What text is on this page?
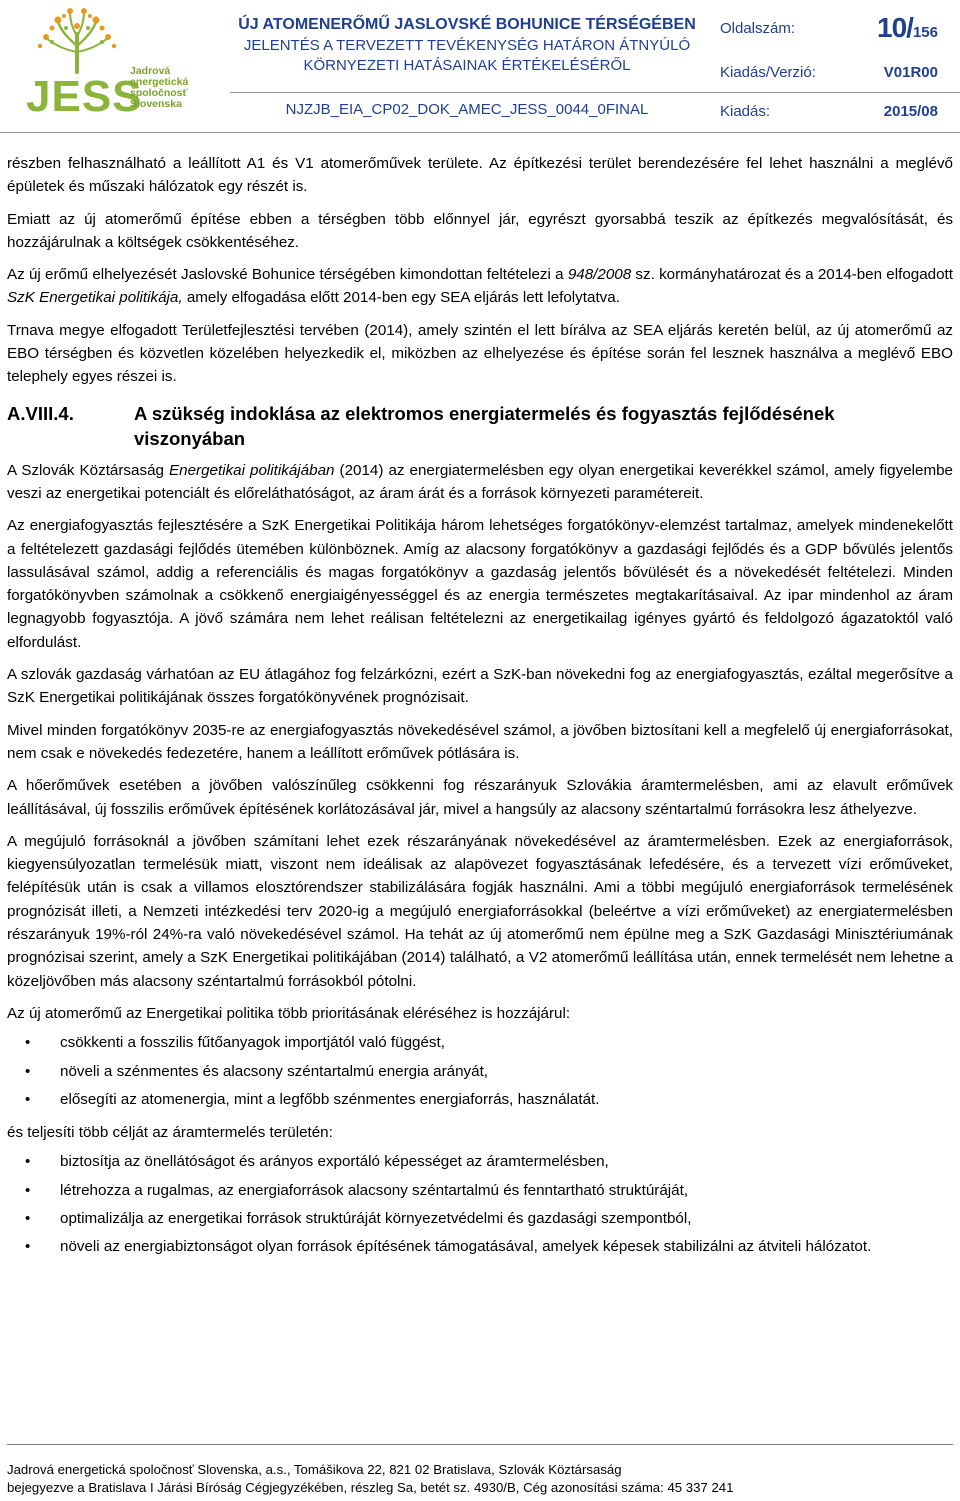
JESS
Jadrová
energetická
spoločnosť
Slovenska
ÚJ ATOMENERŐMŰ JASLOVSKÉ BOHUNICE TÉRSÉGÉBEN
JELENTÉS A TERVEZETT TEVÉKENYSÉG HATÁRON ÁTNYÚLÓ
KÖRNYEZETI HATÁSAINAK ÉRTÉKELÉSÉRŐL
NJZJB_EIA_CP02_DOK_AMEC_JESS_0044_0FINAL
Oldalszám:	10/156
Kiadás/Verzió:	V01R00
Kiadás:	2015/08

részben felhasználható a leállított A1 és V1 atomerőművek területe. Az építkezési terület berendezésére fel lehet használni a meglévő épületek és műszaki hálózatok egy részét is.

Emiatt az új atomerőmű építése ebben a térségben több előnnyel jár, egyrészt gyorsabbá teszik az építkezés megvalósítását, és hozzájárulnak a költségek csökkentéséhez.

Az új erőmű elhelyezését Jaslovské Bohunice térségében kimondottan feltételezi a 948/2008 sz. kormányhatározat és a 2014-ben elfogadott SzK Energetikai politikája, amely elfogadása előtt 2014-ben egy SEA eljárás lett lefolytatva.

Trnava megye elfogadott Területfejlesztési tervében (2014), amely szintén el lett bírálva az SEA eljárás keretén belül, az új atomerőmű az EBO térségben és közvetlen közelében helyezkedik el, miközben az elhelyezése és építése során fel lesznek használva a meglévő EBO telephely egyes részei is.

A.VIII.4.	A szükség indoklása az elektromos energiatermelés és fogyasztás fejlődésének viszonyában

A Szlovák Köztársaság Energetikai politikájában (2014) az energiatermelésben egy olyan energetikai keverékkel számol, amely figyelembe veszi az energetikai potenciált és előreláthatóságot, az áram árát és a források környezeti paramétereit.

Az energiafogyasztás fejlesztésére a SzK Energetikai Politikája három lehetséges forgatókönyv-elemzést tartalmaz, amelyek mindenekelőtt a feltételezett gazdasági fejlődés ütemében különböznek. Amíg az alacsony forgatókönyv a gazdasági fejlődés és a GDP bővülés jelentős lassulásával számol, addig a referenciális és magas forgatókönyv a gazdaság jelentős bővülését és a növekedését feltételezi. Minden forgatókönyvben számolnak a csökkenő energiaigényességgel és az energia természetes megtakarításaival. Az ipar mindenhol az áram legnagyobb fogyasztója. A jövő számára nem lehet reálisan feltételezni az energetikailag igényes gyártó és feldolgozó ágazatoktól való elfordulást.

A szlovák gazdaság várhatóan az EU átlagához fog felzárkózni, ezért a SzK-ban növekedni fog az energiafogyasztás, ezáltal megerősítve a SzK Energetikai politikájának összes forgatókönyvének prognózisait.

Mivel minden forgatókönyv 2035-re az energiafogyasztás növekedésével számol, a jövőben biztosítani kell a megfelelő új energiaforrásokat, nem csak e növekedés fedezetére, hanem a leállított erőművek pótlására is.

A hőerőművek esetében a jövőben valószínűleg csökkenni fog részarányuk Szlovákia áramtermelésben, ami az elavult erőművek leállításával, új fosszilis erőművek építésének korlátozásával jár, mivel a hangsúly az alacsony széntartalmú forrásokra lesz áthelyezve.

A megújuló forrásoknál a jövőben számítani lehet ezek részarányának növekedésével az áramtermelésben. Ezek az energiaforrások, kiegyensúlyozatlan termelésük miatt, viszont nem ideálisak az alapövezet fogyasztásának lefedésére, és a tervezett vízi erőműveket, felépítésük után is csak a villamos elosztórendszer stabilizálására fogják használni. Ami a többi megújuló energiaforrások termelésének prognózisát illeti, a Nemzeti intézkedési terv 2020-ig a megújuló energiaforrásokkal (beleértve a vízi erőműveket) az energiatermelésben részarányuk 19%-ról 24%-ra való növekedésével számol. Ha tehát az új atomerőmű nem épülne meg a SzK Gazdasági Minisztériumának prognózisai szerint, amely a SzK Energetikai politikájában (2014) található, a V2 atomerőmű leállítása után, ennek termelését nem lehetne a közeljövőben más alacsony széntartalmú forrásokból pótolni.

Az új atomerőmű az Energetikai politika több prioritásának eléréséhez is hozzájárul:

• csökkenti a fosszilis fűtőanyagok importjától való függést,
• növeli a szénmentes és alacsony széntartalmú energia arányát,
• elősegíti az atomenergia, mint a legfőbb szénmentes energiaforrás, használatát.

és teljesíti több célját az áramtermelés területén:

• biztosítja az önellátóságot és arányos exportáló képességet az áramtermelésben,
• létrehozza a rugalmas, az energiaforrások alacsony széntartalmú és fenntartható struktúráját,
• optimalizálja az energetikai források struktúráját környezetvédelmi és gazdasági szempontból,
• növeli az energiabiztonságot olyan források építésének támogatásával, amelyek képesek stabilizálni az átviteli hálózatot.
Jadrová energetická spoločnosť Slovenska, a.s., Tomášikova 22, 821 02 Bratislava, Szlovák Köztársaság
bejegyezve a Bratislava I Járási Bíróság Cégjegyzékében, részleg Sa, betét sz. 4930/B, Cég azonosítási száma: 45 337 241
